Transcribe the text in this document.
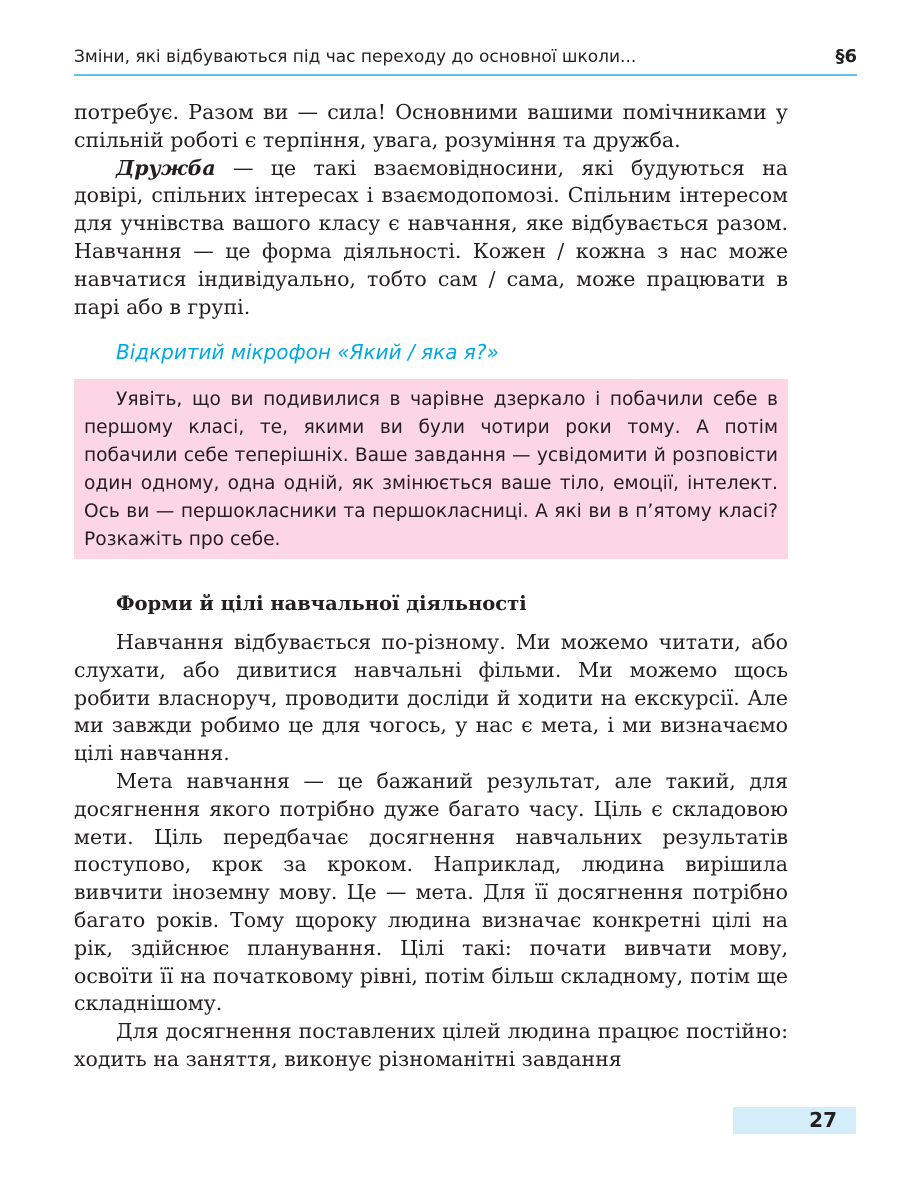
Зміни, які відбуваються під час переходу до основної школи...	§6

потребує. Разом ви — сила! Основними вашими помічниками у спільній роботі є терпіння, увага, розуміння та дружба.

Дружба — це такі взаємовідносини, які будуються на довірі, спільних інтересах і взаємодопомозі. Спільним інтересом для учнівства вашого класу є навчання, яке відбувається разом. Навчання — це форма діяльності. Кожен / кожна з нас може навчатися індивідуально, тобто сам / сама, може працювати в парі або в групі.

Відкритий мікрофон «Який / яка я?»

Уявіть, що ви подивилися в чарівне дзеркало і побачили себе в першому класі, те, якими ви були чотири роки тому. А потім побачили себе теперішніх. Ваше завдання — усвідомити й розповісти один одному, одна одній, як змінюється ваше тіло, емоції, інтелект. Ось ви — першокласники та першокласниці. А які ви в п’ятому класі? Розкажіть про себе.

Форми й цілі навчальної діяльності

Навчання відбувається по-різному. Ми можемо читати, або слухати, або дивитися навчальні фільми. Ми можемо щось робити власноруч, проводити досліди й ходити на екскурсії. Але ми завжди робимо це для чогось, у нас є мета, і ми визначаємо цілі навчання.

Мета навчання — це бажаний результат, але такий, для досягнення якого потрібно дуже багато часу. Ціль є складовою мети. Ціль передбачає досягнення навчальних результатів поступово, крок за кроком. Наприклад, людина вирішила вивчити іноземну мову. Це — мета. Для її досягнення потрібно багато років. Тому щороку людина визначає конкретні цілі на рік, здійснює планування. Цілі такі: почати вивчати мову, освоїти її на початковому рівні, потім більш складному, потім ще складнішому.

Для досягнення поставлених цілей людина працює постійно: ходить на заняття, виконує різноманітні завдання

27
